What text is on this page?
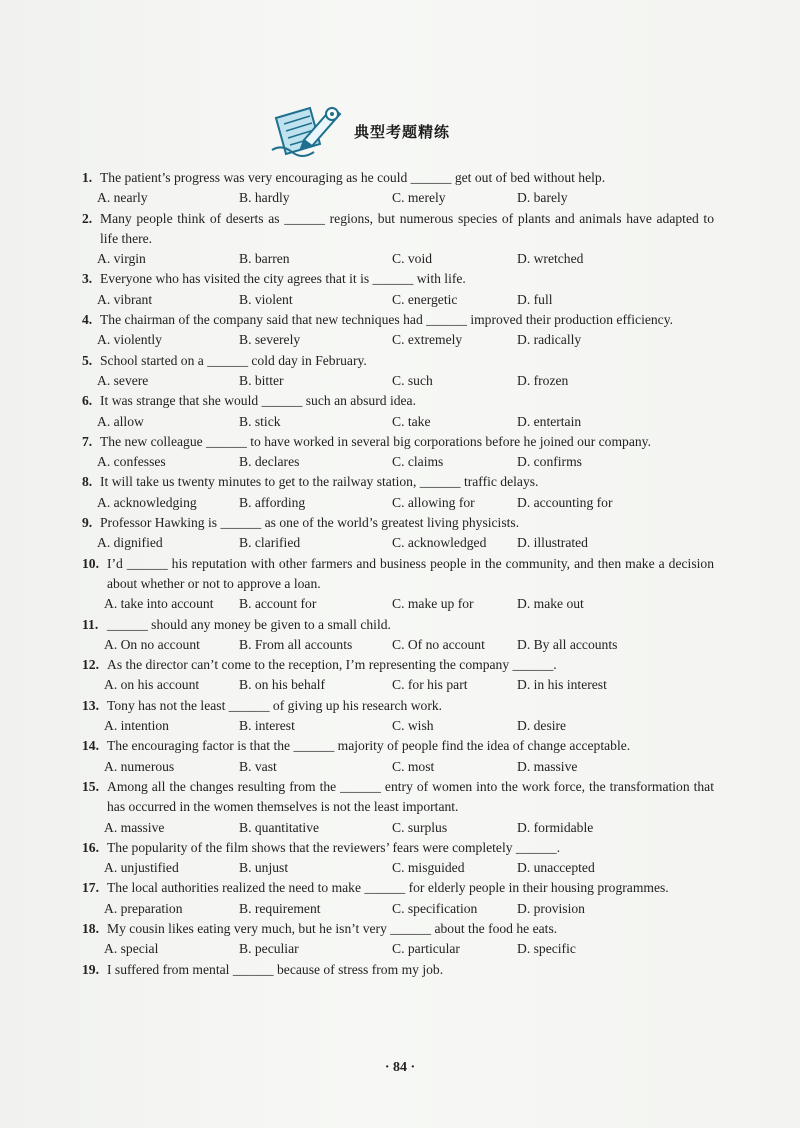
典型考题精练
1. The patient’s progress was very encouraging as he could ______ get out of bed without help.
A. nearly	B. hardly	C. merely	D. barely
2. Many people think of deserts as ______ regions, but numerous species of plants and animals have adapted to life there.
A. virgin	B. barren	C. void	D. wretched
3. Everyone who has visited the city agrees that it is ______ with life.
A. vibrant	B. violent	C. energetic	D. full
4. The chairman of the company said that new techniques had ______ improved their production efficiency.
A. violently	B. severely	C. extremely	D. radically
5. School started on a ______ cold day in February.
A. severe	B. bitter	C. such	D. frozen
6. It was strange that she would ______ such an absurd idea.
A. allow	B. stick	C. take	D. entertain
7. The new colleague ______ to have worked in several big corporations before he joined our company.
A. confesses	B. declares	C. claims	D. confirms
8. It will take us twenty minutes to get to the railway station, ______ traffic delays.
A. acknowledging	B. affording	C. allowing for	D. accounting for
9. Professor Hawking is ______ as one of the world’s greatest living physicists.
A. dignified	B. clarified	C. acknowledged	D. illustrated
10. I’d ______ his reputation with other farmers and business people in the community, and then make a decision about whether or not to approve a loan.
A. take into account	B. account for	C. make up for	D. make out
11. ______ should any money be given to a small child.
A. On no account	B. From all accounts	C. Of no account	D. By all accounts
12. As the director can’t come to the reception, I’m representing the company ______.
A. on his account	B. on his behalf	C. for his part	D. in his interest
13. Tony has not the least ______ of giving up his research work.
A. intention	B. interest	C. wish	D. desire
14. The encouraging factor is that the ______ majority of people find the idea of change acceptable.
A. numerous	B. vast	C. most	D. massive
15. Among all the changes resulting from the ______ entry of women into the work force, the transformation that has occurred in the women themselves is not the least important.
A. massive	B. quantitative	C. surplus	D. formidable
16. The popularity of the film shows that the reviewers’ fears were completely ______.
A. unjustified	B. unjust	C. misguided	D. unaccepted
17. The local authorities realized the need to make ______ for elderly people in their housing programmes.
A. preparation	B. requirement	C. specification	D. provision
18. My cousin likes eating very much, but he isn’t very ______ about the food he eats.
A. special	B. peculiar	C. particular	D. specific
19. I suffered from mental ______ because of stress from my job.
· 84 ·
